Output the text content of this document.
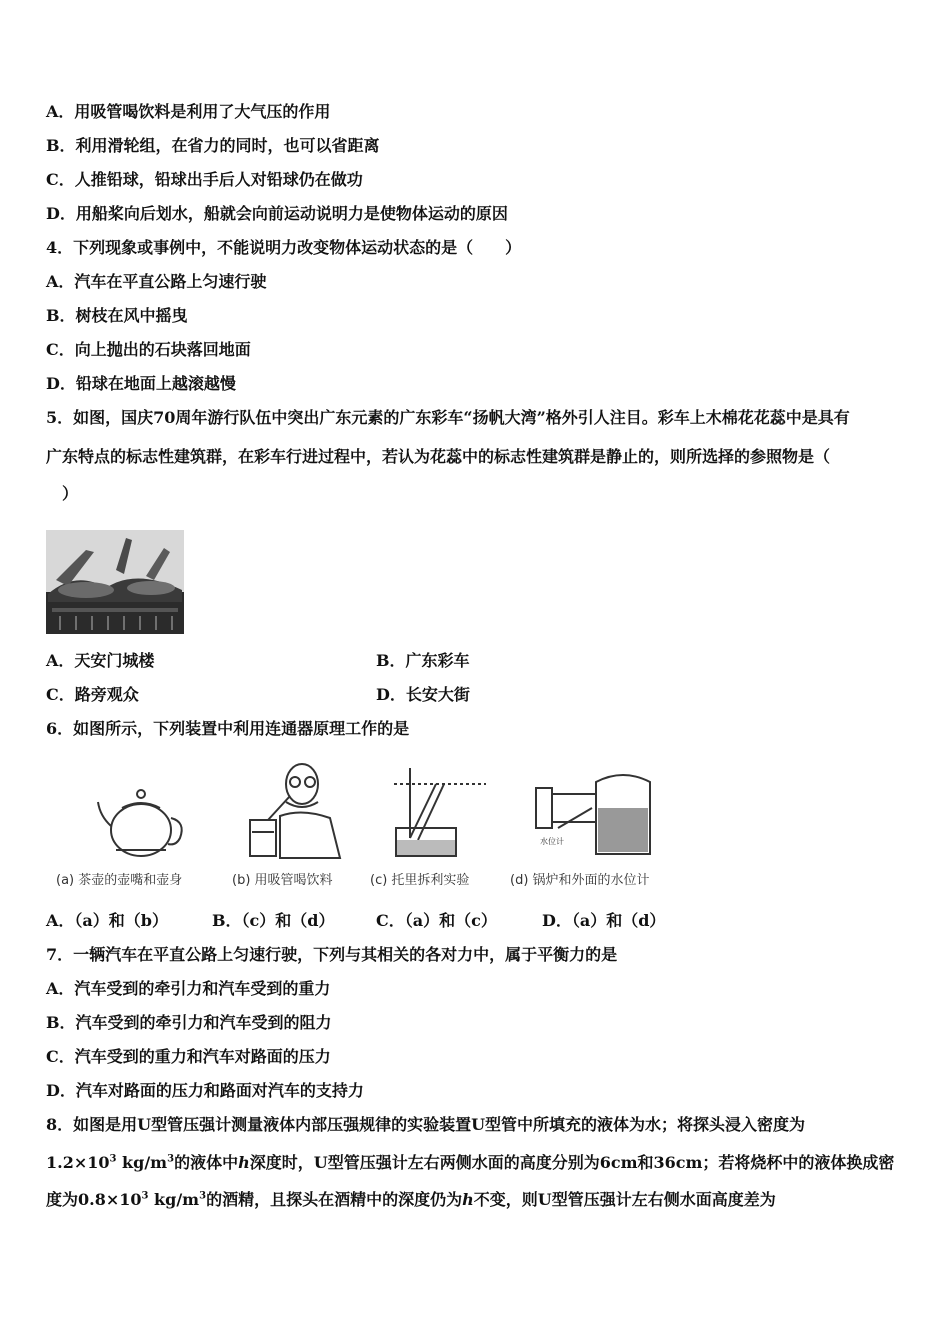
A．用吸管喝饮料是利用了大气压的作用
B．利用滑轮组，在省力的同时，也可以省距离
C．人推铅球，铅球出手后人对铅球仍在做功
D．用船桨向后划水，船就会向前运动说明力是使物体运动的原因
4．下列现象或事例中，不能说明力改变物体运动状态的是（　　）
A．汽车在平直公路上匀速行驶
B．树枝在风中摇曳
C．向上抛出的石块落回地面
D．铅球在地面上越滚越慢
5．如图，国庆70周年游行队伍中突出广东元素的广东彩车“扬帆大湾”格外引人注目。彩车上木棉花花蕊中是具有
广东特点的标志性建筑群，在彩车行进过程中，若认为花蕊中的标志性建筑群是静止的，则所选择的参照物是（
）
A．天安门城楼	B．广东彩车
C．路旁观众	D．长安大街
6．如图所示，下列装置中利用连通器原理工作的是
水位计
(a) 茶壶的壶嘴和壶身	(b) 用吸管喝饮料	(c) 托里拆利实验	(d) 锅炉和外面的水位计
A．（a）和（b）	B．（c）和（d）	C．（a）和（c）	D．（a）和（d）
7．一辆汽车在平直公路上匀速行驶，下列与其相关的各对力中，属于平衡力的是
A．汽车受到的牵引力和汽车受到的重力
B．汽车受到的牵引力和汽车受到的阻力
C．汽车受到的重力和汽车对路面的压力
D．汽车对路面的压力和路面对汽车的支持力
8．如图是用U型管压强计测量液体内部压强规律的实验装置U型管中所填充的液体为水；将探头浸入密度为
$1.2\times 10^3$ $kg/m^3$的液体中h深度时，U型管压强计左右两侧水面的高度分别为6cm和36cm；若将烧杯中的液体换成密
度为$0.8\times 10^3$ $kg/m^3$的酒精，且探头在酒精中的深度仍为h不变，则U型管压强计左右侧水面高度差为
